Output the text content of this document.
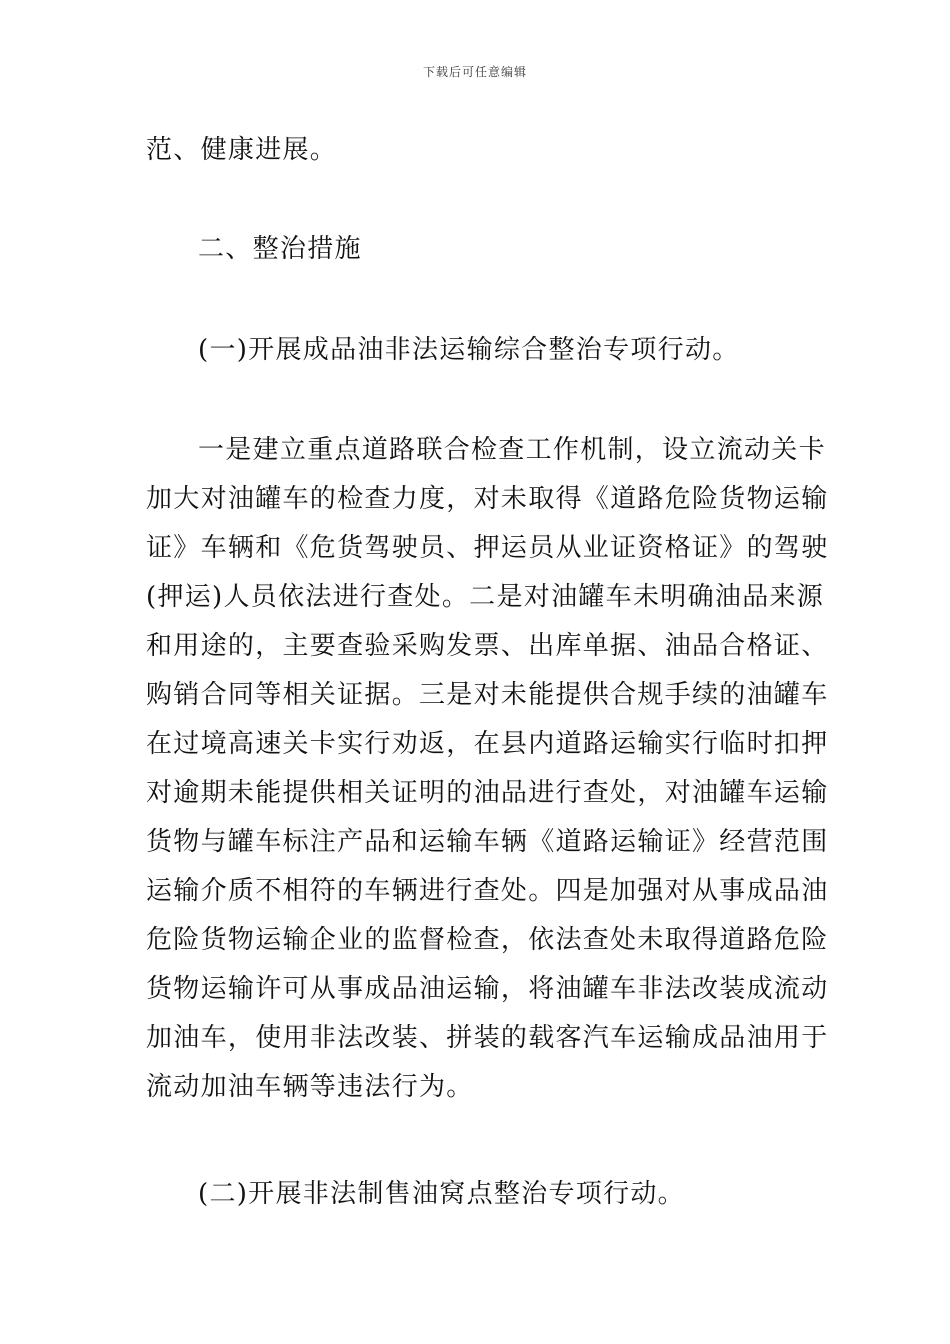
下载后可任意编辑
范、健康进展。
二、整治措施
(一)开展成品油非法运输综合整治专项行动。
一是建立重点道路联合检查工作机制，设立流动关卡
加大对油罐车的检查力度，对未取得《道路危险货物运输
证》车辆和《危货驾驶员、押运员从业证资格证》的驾驶
(押运)人员依法进行查处。二是对油罐车未明确油品来源
和用途的，主要查验采购发票、出库单据、油品合格证、
购销合同等相关证据。三是对未能提供合规手续的油罐车
在过境高速关卡实行劝返，在县内道路运输实行临时扣押
对逾期未能提供相关证明的油品进行查处，对油罐车运输
货物与罐车标注产品和运输车辆《道路运输证》经营范围
运输介质不相符的车辆进行查处。四是加强对从事成品油
危险货物运输企业的监督检查，依法查处未取得道路危险
货物运输许可从事成品油运输，将油罐车非法改装成流动
加油车，使用非法改装、拼装的载客汽车运输成品油用于
流动加油车辆等违法行为。
(二)开展非法制售油窝点整治专项行动。
